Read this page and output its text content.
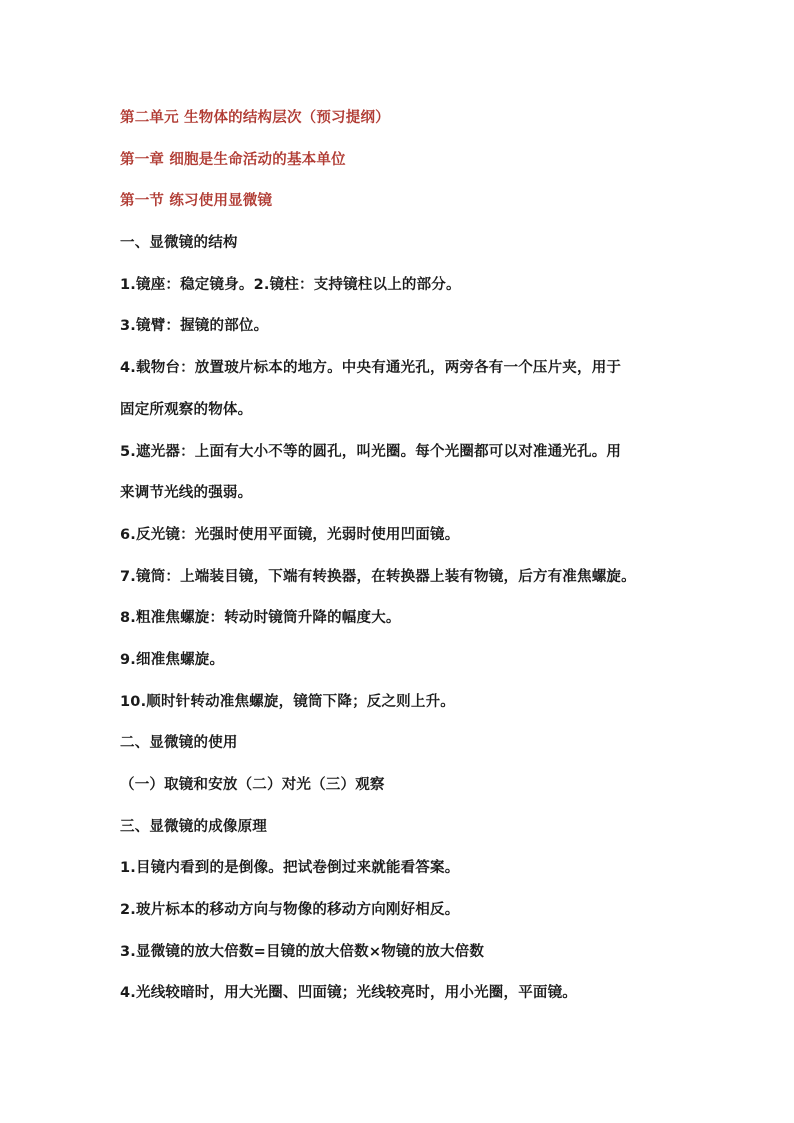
第二单元 生物体的结构层次（预习提纲）
第一章 细胞是生命活动的基本单位
第一节 练习使用显微镜
一、显微镜的结构
1.镜座：稳定镜身。2.镜柱：支持镜柱以上的部分。
3.镜臂：握镜的部位。
4.载物台：放置玻片标本的地方。中央有通光孔，两旁各有一个压片夹，用于
固定所观察的物体。
5.遮光器：上面有大小不等的圆孔，叫光圈。每个光圈都可以对准通光孔。用
来调节光线的强弱。
6.反光镜：光强时使用平面镜，光弱时使用凹面镜。
7.镜筒：上端装目镜，下端有转换器，在转换器上装有物镜，后方有准焦螺旋。
8.粗准焦螺旋：转动时镜筒升降的幅度大。
9.细准焦螺旋。
10.顺时针转动准焦螺旋，镜筒下降；反之则上升。
二、显微镜的使用
（一）取镜和安放（二）对光（三）观察
三、显微镜的成像原理
1.目镜内看到的是倒像。把试卷倒过来就能看答案。
2.玻片标本的移动方向与物像的移动方向刚好相反。
3.显微镜的放大倍数=目镜的放大倍数×物镜的放大倍数
4.光线较暗时，用大光圈、凹面镜；光线较亮时，用小光圈，平面镜。
